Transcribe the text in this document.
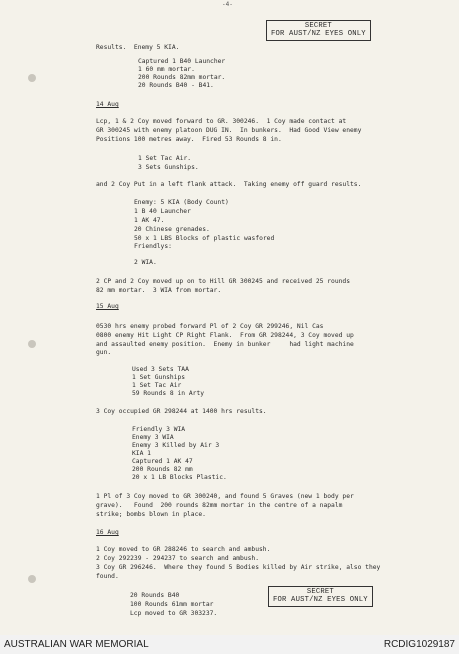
-4-
SECRET
FOR AUST/NZ EYES ONLY
Results.  Enemy 5 KIA.
Captured 1 B40 Launcher
1 60 mm mortar.
200 Rounds 82mm mortar.
20 Rounds B40 - B41.
14 Aug
Lcp, 1 & 2 Coy moved forward to GR. 300246.  1 Coy made contact at
GR 300245 with enemy platoon DUG IN.  In bunkers.  Had Good View enemy
Positions 100 metres away.  Fired 53 Rounds 8 in.
1 Set Tac Air.
3 Sets Gunships.
and 2 Coy Put in a left flank attack.  Taking enemy off guard results.
Enemy: 5 KIA (Body Count)
1 B 40 Launcher
1 AK 47.
20 Chinese grenades.
50 x 1 LBS Blocks of plastic wasfored
Friendlys:
2 WIA.
2 CP and 2 Coy moved up on to Hill GR 300245 and received 25 rounds
82 mm mortar.  3 WIA from mortar.
15 Aug
0530 hrs enemy probed forward Pl of 2 Coy GR 299246, Nil Cas
0800 enemy Hit Light CP Right Flank.  From GR 298244, 3 Coy moved up
and assaulted enemy position.  Enemy in bunker     had light machine
gun.
Used 3 Sets TAA
1 Set Gunships
1 Set Tac Air
59 Rounds 8 in Arty
3 Coy occupied GR 298244 at 1400 hrs results.
Friendly 3 WIA
Enemy 3 WIA
Enemy 3 Killed by Air 3
KIA 1
Captured 1 AK 47
200 Rounds 82 mm
20 x 1 LB Blocks Plastic.
1 Pl of 3 Coy moved to GR 300240, and found 5 Graves (new 1 body per
grave).   Found  200 rounds 82mm mortar in the centre of a napalm
strike; bombs blown in place.
16 Aug
1 Coy moved to GR 288246 to search and ambush.
2 Coy 292239 - 294237 to search and ambush.
3 Coy GR 296246.  Where they found 5 Bodies killed by Air strike, also they
found.
20 Rounds B40
100 Rounds 61mm mortar
Lcp moved to GR 303237.
SECRET
FOR AUST/NZ EYES ONLY
AUSTRALIAN WAR MEMORIAL	RCDIG1029187
